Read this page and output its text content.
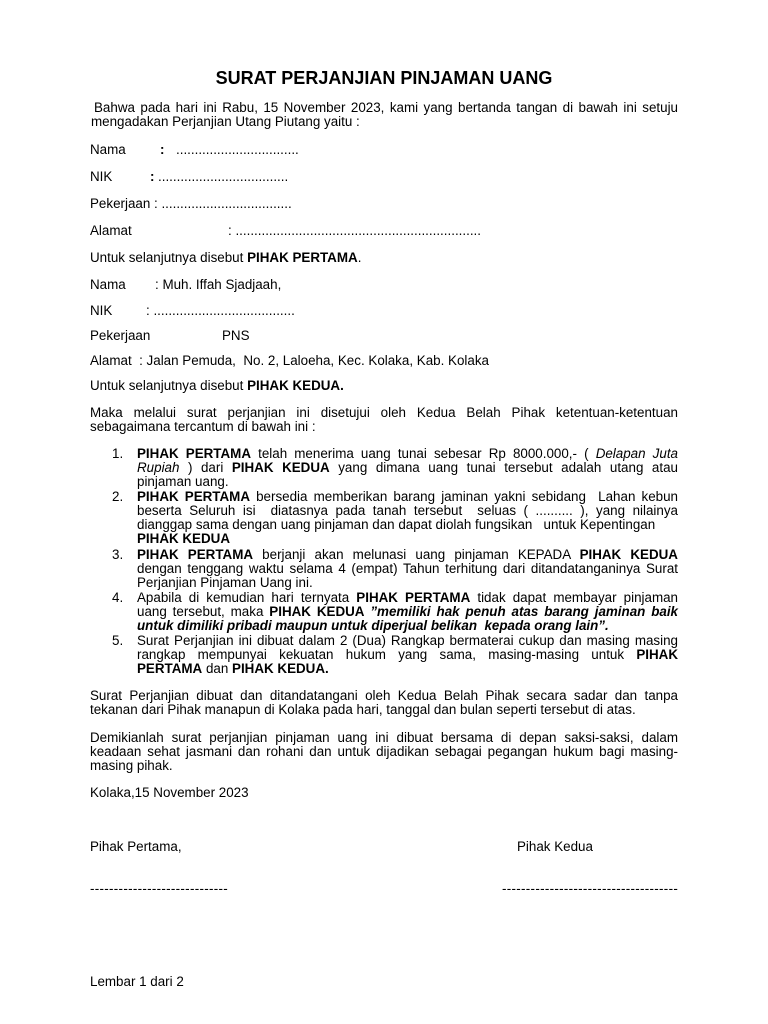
SURAT PERJANJIAN PINJAMAN UANG
Bahwa pada hari ini Rabu, 15 November 2023, kami yang bertanda tangan di bawah ini setuju
mengadakan Perjanjian Utang Piutang yaitu :
Nama	: .................................
NIK	: ...................................
Pekerjaan : ...................................
Alamat	: ..................................................................
Untuk selanjutnya disebut PIHAK PERTAMA.
Nama : Muh. Iffah Sjadjaah,
NIK	: ......................................
Pekerjaan	PNS
Alamat  : Jalan Pemuda,  No. 2, Laloeha, Kec. Kolaka, Kab. Kolaka
Untuk selanjutnya disebut PIHAK KEDUA.
Maka melalui surat perjanjian ini disetujui oleh Kedua Belah Pihak ketentuan-ketentuan
sebagaimana tercantum di bawah ini :
1. PIHAK PERTAMA telah menerima uang tunai sebesar Rp 8000.000,- ( Delapan Juta
Rupiah ) dari PIHAK KEDUA yang dimana uang tunai tersebut adalah utang atau
pinjaman uang.
2. PIHAK PERTAMA bersedia memberikan barang jaminan yakni sebidang  Lahan kebun
beserta Seluruh isi  diatasnya pada tanah tersebut  seluas ( .......... ), yang nilainya
dianggap sama dengan uang pinjaman dan dapat diolah fungsikan   untuk Kepentingan
PIHAK KEDUA
3. PIHAK PERTAMA berjanji akan melunasi uang pinjaman KEPADA PIHAK KEDUA
dengan tenggang waktu selama 4 (empat) Tahun terhitung dari ditandatanganinya Surat
Perjanjian Pinjaman Uang ini.
4. Apabila di kemudian hari ternyata PIHAK PERTAMA tidak dapat membayar pinjaman
uang tersebut, maka PIHAK KEDUA ”memiliki hak penuh atas barang jaminan baik
untuk dimiliki pribadi maupun untuk diperjual belikan  kepada orang lain”.
5. Surat Perjanjian ini dibuat dalam 2 (Dua) Rangkap bermaterai cukup dan masing masing
rangkap mempunyai kekuatan hukum yang sama, masing-masing untuk PIHAK
PERTAMA dan PIHAK KEDUA.
Surat Perjanjian dibuat dan ditandatangani oleh Kedua Belah Pihak secara sadar dan tanpa
tekanan dari Pihak manapun di Kolaka pada hari, tanggal dan bulan seperti tersebut di atas.
Demikianlah surat perjanjian pinjaman uang ini dibuat bersama di depan saksi-saksi, dalam
keadaan sehat jasmani dan rohani dan untuk dijadikan sebagai pegangan hukum bagi masing-
masing pihak.
Kolaka,15 November 2023
Pihak Pertama,	Pihak Kedua
-----------------------------	-------------------------------------
Lembar 1 dari 2
